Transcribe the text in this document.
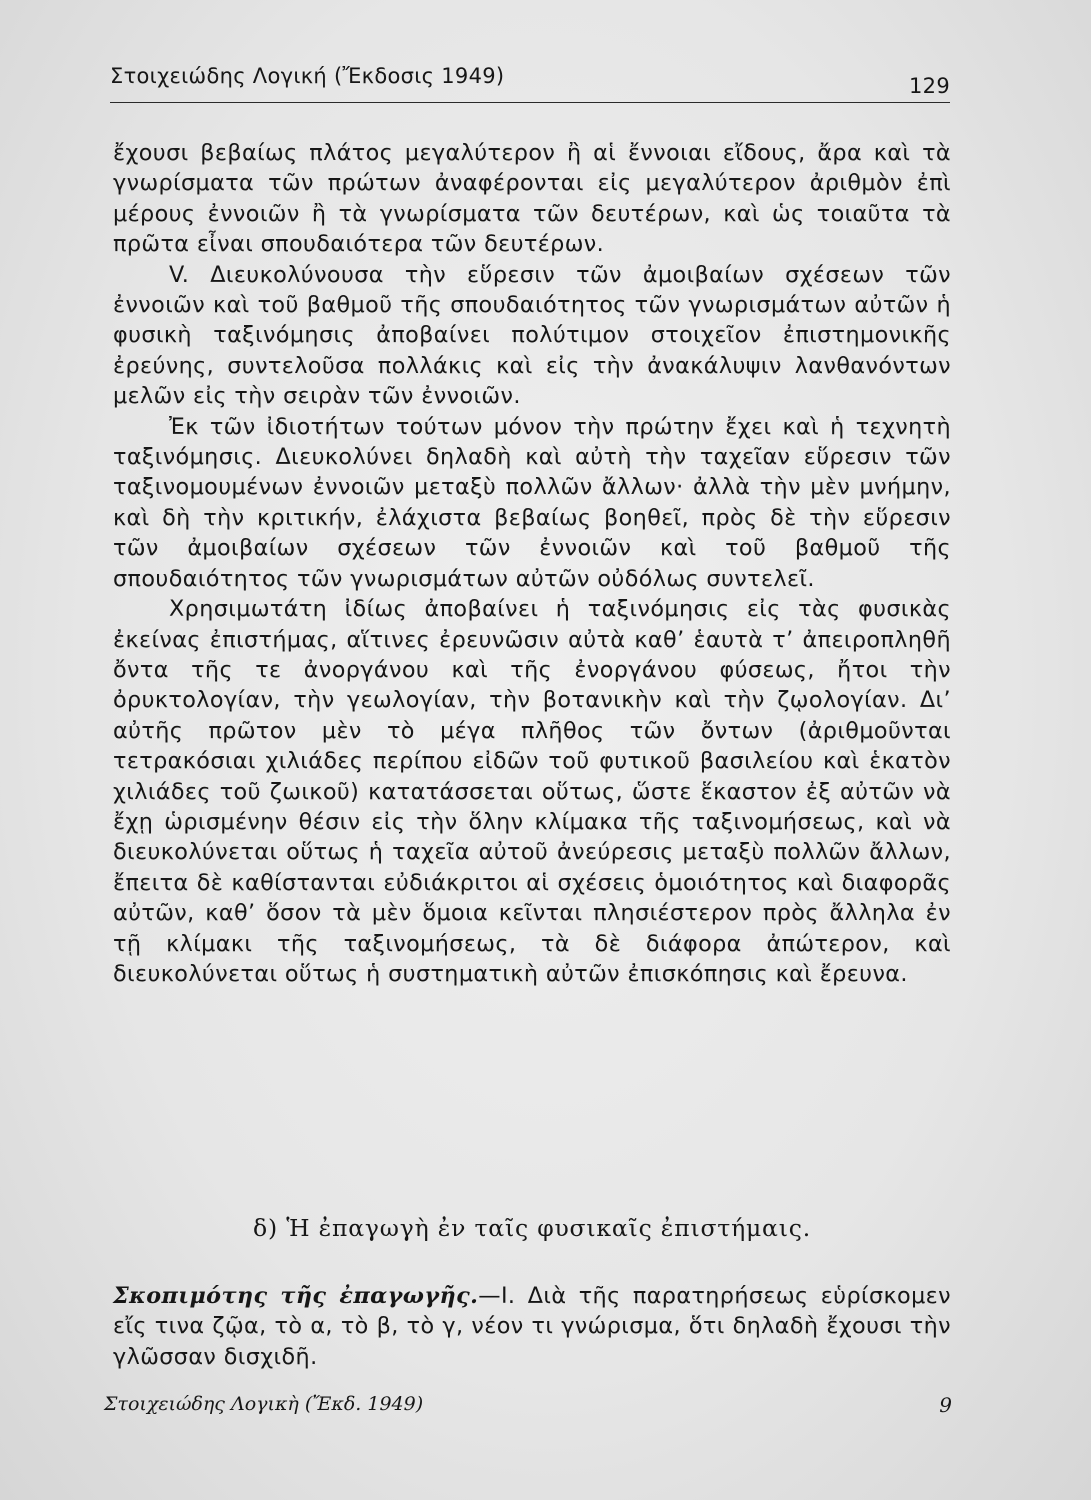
Στοιχειώδης Λογική (Ἔκδοσις 1949)	129

ἔχουσι βεβαίως πλάτος μεγαλύτερον ἢ αἱ ἔννοιαι εἴδους, ἄρα καὶ τὰ γνωρίσματα τῶν πρώτων ἀναφέρονται εἰς μεγαλύτερον ἀριθμὸν ἐπὶ μέρους ἐννοιῶν ἢ τὰ γνωρίσματα τῶν δευτέρων, καὶ ὡς τοιαῦτα τὰ πρῶτα εἶναι σπουδαιότερα τῶν δευτέρων.

V. Διευκολύνουσα τὴν εὕρεσιν τῶν ἀμοιβαίων σχέσεων τῶν ἐννοιῶν καὶ τοῦ βαθμοῦ τῆς σπουδαιότητος τῶν γνωρισμάτων αὐτῶν ἡ φυσικὴ ταξινόμησις ἀποβαίνει πολύτιμον στοιχεῖον ἐπιστημονικῆς ἐρεύνης, συντελοῦσα πολλάκις καὶ εἰς τὴν ἀνακάλυψιν λανθανόντων μελῶν εἰς τὴν σειρὰν τῶν ἐννοιῶν.

Ἐκ τῶν ἰδιοτήτων τούτων μόνον τὴν πρώτην ἔχει καὶ ἡ τεχνητὴ ταξινόμησις. Διευκολύνει δηλαδὴ καὶ αὐτὴ τὴν ταχεῖαν εὕρεσιν τῶν ταξινομουμένων ἐννοιῶν μεταξὺ πολλῶν ἄλλων· ἀλλὰ τὴν μὲν μνήμην, καὶ δὴ τὴν κριτικήν, ἐλάχιστα βεβαίως βοηθεῖ, πρὸς δὲ τὴν εὕρεσιν τῶν ἀμοιβαίων σχέσεων τῶν ἐννοιῶν καὶ τοῦ βαθμοῦ τῆς σπουδαιότητος τῶν γνωρισμάτων αὐτῶν οὐδόλως συντελεῖ.

Χρησιμωτάτη ἰδίως ἀποβαίνει ἡ ταξινόμησις εἰς τὰς φυσικὰς ἐκείνας ἐπιστήμας, αἵτινες ἐρευνῶσιν αὐτὰ καθ’ ἑαυτὰ τ’ ἀπειροπληθῆ ὄντα τῆς τε ἀνοργάνου καὶ τῆς ἐνοργάνου φύσεως, ἤτοι τὴν ὀρυκτολογίαν, τὴν γεωλογίαν, τὴν βοτανικὴν καὶ τὴν ζῳολογίαν. Δι’ αὐτῆς πρῶτον μὲν τὸ μέγα πλῆθος τῶν ὄντων (ἀριθμοῦνται τετρακόσιαι χιλιάδες περίπου εἰδῶν τοῦ φυτικοῦ βασιλείου καὶ ἑκατὸν χιλιάδες τοῦ ζωικοῦ) κατατάσσεται οὕτως, ὥστε ἕκαστον ἐξ αὐτῶν νὰ ἔχῃ ὡρισμένην θέσιν εἰς τὴν ὅλην κλίμακα τῆς ταξινομήσεως, καὶ νὰ διευκολύνεται οὕτως ἡ ταχεῖα αὐτοῦ ἀνεύρεσις μεταξὺ πολλῶν ἄλλων, ἔπειτα δὲ καθίστανται εὐδιάκριτοι αἱ σχέσεις ὁμοιότητος καὶ διαφορᾶς αὐτῶν, καθ’ ὅσον τὰ μὲν ὅμοια κεῖνται πλησιέστερον πρὸς ἄλληλα ἐν τῇ κλίμακι τῆς ταξινομήσεως, τὰ δὲ διάφορα ἀπώτερον, καὶ διευκολύνεται οὕτως ἡ συστηματικὴ αὐτῶν ἐπισκόπησις καὶ ἔρευνα.

δ) Ἡ ἐπαγωγὴ ἐν ταῖς φυσικαῖς ἐπιστήμαις.
Σκοπιμότης τῆς ἐπαγωγῆς.—Ι. Διὰ τῆς παρατηρήσεως εὑρίσκομεν εἴς τινα ζῷα, τὸ α, τὸ β, τὸ γ, νέον τι γνώρισμα, ὅτι δηλαδὴ ἔχουσι τὴν γλῶσσαν δισχιδῆ.
Στοιχειώδης Λογικὴ (Ἔκδ. 1949)	9
